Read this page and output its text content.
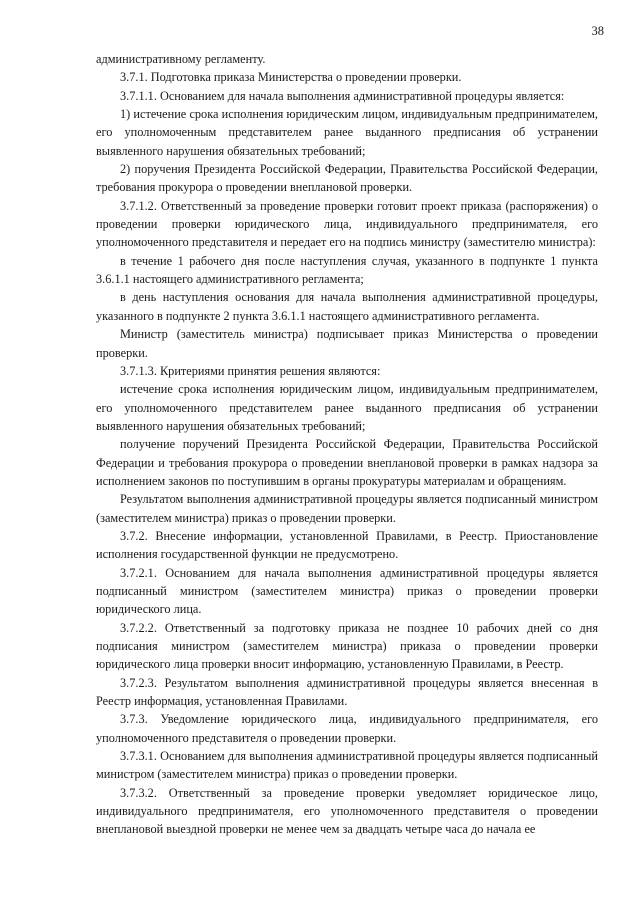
38

административному регламенту.

3.7.1. Подготовка приказа Министерства о проведении проверки.

3.7.1.1. Основанием для начала выполнения административной процедуры является:

1) истечение срока исполнения юридическим лицом, индивидуальным предпринимателем, его уполномоченным представителем ранее выданного предписания об устранении выявленного нарушения обязательных требований;

2) поручения Президента Российской Федерации, Правительства Российской Федерации, требования прокурора о проведении внеплановой проверки.

3.7.1.2. Ответственный за проведение проверки готовит проект приказа (распоряжения) о проведении проверки юридического лица, индивидуального предпринимателя, его уполномоченного представителя и передает его на подпись министру (заместителю министра):

в течение 1 рабочего дня после наступления случая, указанного в подпункте 1 пункта 3.6.1.1 настоящего административного регламента;

в день наступления основания для начала выполнения административной процедуры, указанного в подпункте 2 пункта 3.6.1.1 настоящего административного регламента.

Министр (заместитель министра) подписывает приказ Министерства о проведении проверки.

3.7.1.3. Критериями принятия решения являются:

истечение срока исполнения юридическим лицом, индивидуальным предпринимателем, его уполномоченного представителем ранее выданного предписания об устранении выявленного нарушения обязательных требований;

получение поручений Президента Российской Федерации, Правительства Российской Федерации и требования прокурора о проведении внеплановой проверки в рамках надзора за исполнением законов по поступившим в органы прокуратуры материалам и обращениям.

Результатом выполнения административной процедуры является подписанный министром (заместителем министра) приказ о проведении проверки.

3.7.2. Внесение информации, установленной Правилами, в Реестр. Приостановление исполнения государственной функции не предусмотрено.

3.7.2.1. Основанием для начала выполнения административной процедуры является подписанный министром (заместителем министра) приказ о проведении проверки юридического лица.

3.7.2.2. Ответственный за подготовку приказа не позднее 10 рабочих дней со дня подписания министром (заместителем министра) приказа о проведении проверки юридического лица проверки вносит информацию, установленную Правилами, в Реестр.

3.7.2.3. Результатом выполнения административной процедуры является внесенная в Реестр информация, установленная Правилами.

3.7.3. Уведомление юридического лица, индивидуального предпринимателя, его уполномоченного представителя о проведении проверки.

3.7.3.1. Основанием для выполнения административной процедуры является подписанный министром (заместителем министра) приказ о проведении проверки.

3.7.3.2. Ответственный за проведение проверки уведомляет юридическое лицо, индивидуального предпринимателя, его уполномоченного представителя о проведении внеплановой выездной проверки не менее чем за двадцать четыре часа до начала ее
